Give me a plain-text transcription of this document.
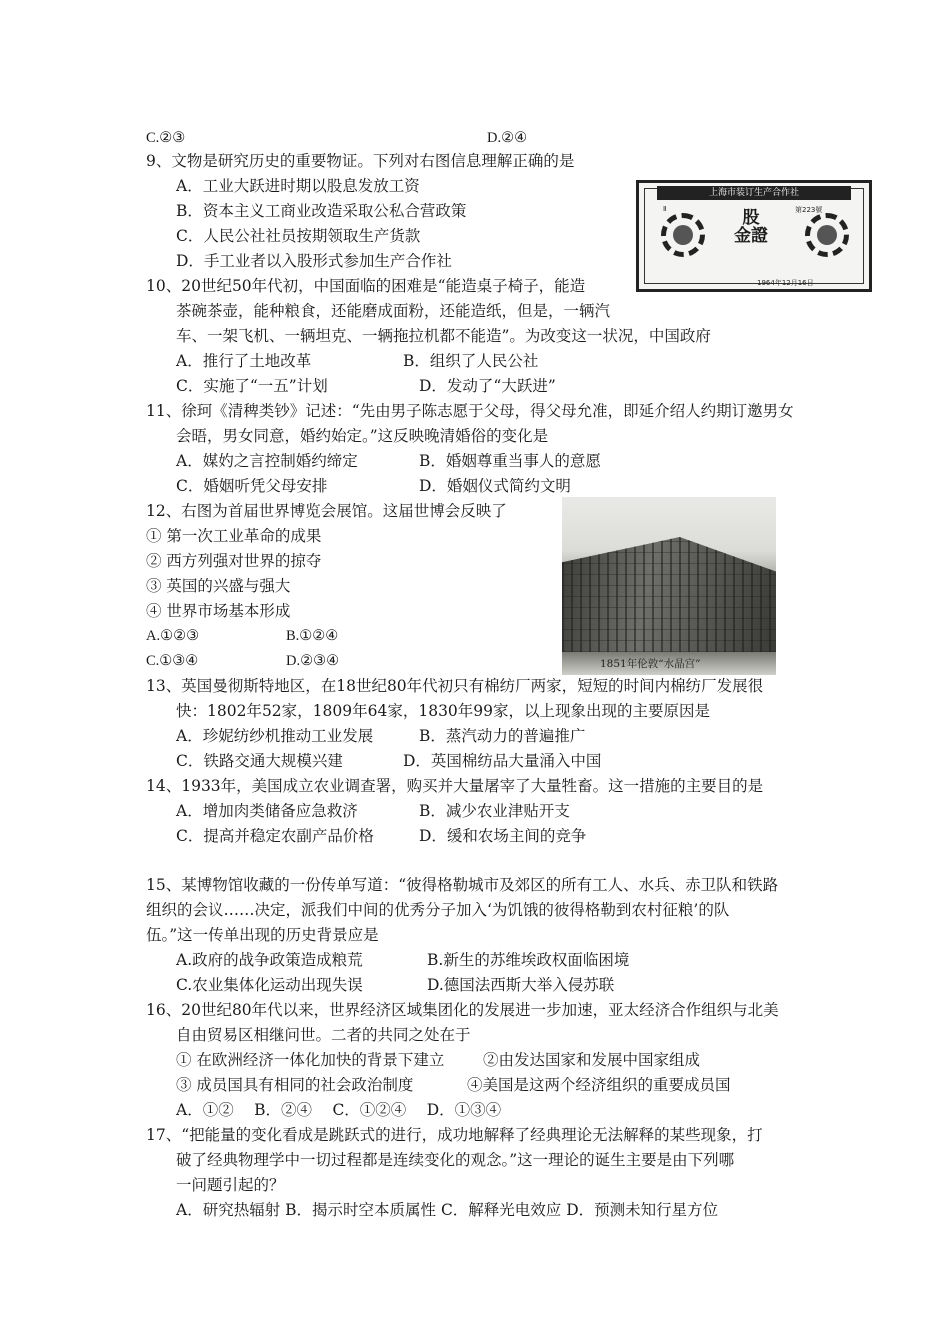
C.②③	D.②④
9、文物是研究历史的重要物证。下列对右图信息理解正确的是
A．工业大跃进时期以股息发放工资
B．资本主义工商业改造采取公私合营政策
C．人民公社社员按期领取生产货款
D．手工业者以入股形式参加生产合作社
10、20世纪50年代初，中国面临的困难是“能造桌子椅子，能造
茶碗茶壶，能种粮食，还能磨成面粉，还能造纸，但是，一辆汽
车、一架飞机、一辆坦克、一辆拖拉机都不能造”。为改变这一状况，中国政府
A．推行了土地改革	B．组织了人民公社
C．实施了“一五”计划	D．发动了“大跃进”
11、徐珂《清稗类钞》记述：“先由男子陈志愿于父母，得父母允准，即延介绍人约期订邀男女
会晤，男女同意，婚约始定。”这反映晚清婚俗的变化是
A．媒妁之言控制婚约缔定	B．婚姻尊重当事人的意愿
C．婚姻听凭父母安排	D．婚姻仪式简约文明
12、右图为首届世界博览会展馆。这届世博会反映了
① 第一次工业革命的成果
② 西方列强对世界的掠夺
③ 英国的兴盛与强大
④ 世界市场基本形成
A.①②③	B.①②④
C.①③④	D.②③④
13、英国曼彻斯特地区，在18世纪80年代初只有棉纺厂两家，短短的时间内棉纺厂发展很
快：1802年52家，1809年64家，1830年99家，以上现象出现的主要原因是
A．珍妮纺纱机推动工业发展	B．蒸汽动力的普遍推广
C．铁路交通大规模兴建	D．英国棉纺品大量涌入中国
14、1933年，美国成立农业调查署，购买并大量屠宰了大量牲畜。这一措施的主要目的是
A．增加肉类储备应急救济	B．减少农业津贴开支
C．提高并稳定农副产品价格	D．缓和农场主间的竞争
15、某博物馆收藏的一份传单写道：“彼得格勒城市及郊区的所有工人、水兵、赤卫队和铁路
组织的会议……决定，派我们中间的优秀分子加入‘为饥饿的彼得格勒到农村征粮’的队
伍。”这一传单出现的历史背景应是
A.政府的战争政策造成粮荒	B.新生的苏维埃政权面临困境
C.农业集体化运动出现失误	D.德国法西斯大举入侵苏联
16、20世纪80年代以来，世界经济区域集团化的发展进一步加速，亚太经济合作组织与北美
自由贸易区相继问世。二者的共同之处在于
① 在欧洲经济一体化加快的背景下建立 ②由发达国家和发展中国家组成
③ 成员国具有相同的社会政治制度	④美国是这两个经济组织的重要成员国
A．①②　 B．②④　 C．①②④　 D．①③④
17、“把能量的变化看成是跳跃式的进行，成功地解释了经典理论无法解释的某些现象，打
破了经典物理学中一切过程都是连续变化的观念。”这一理论的诞生主要是由下列哪
一问题引起的？
A．研究热辐射 B．揭示时空本质属性 C．解释光电效应 D．预测未知行星方位
上海市装订生产合作社
Ⅱ	第223號
股
金證
1964年12月16日
1851年伦敦“水晶宫”
